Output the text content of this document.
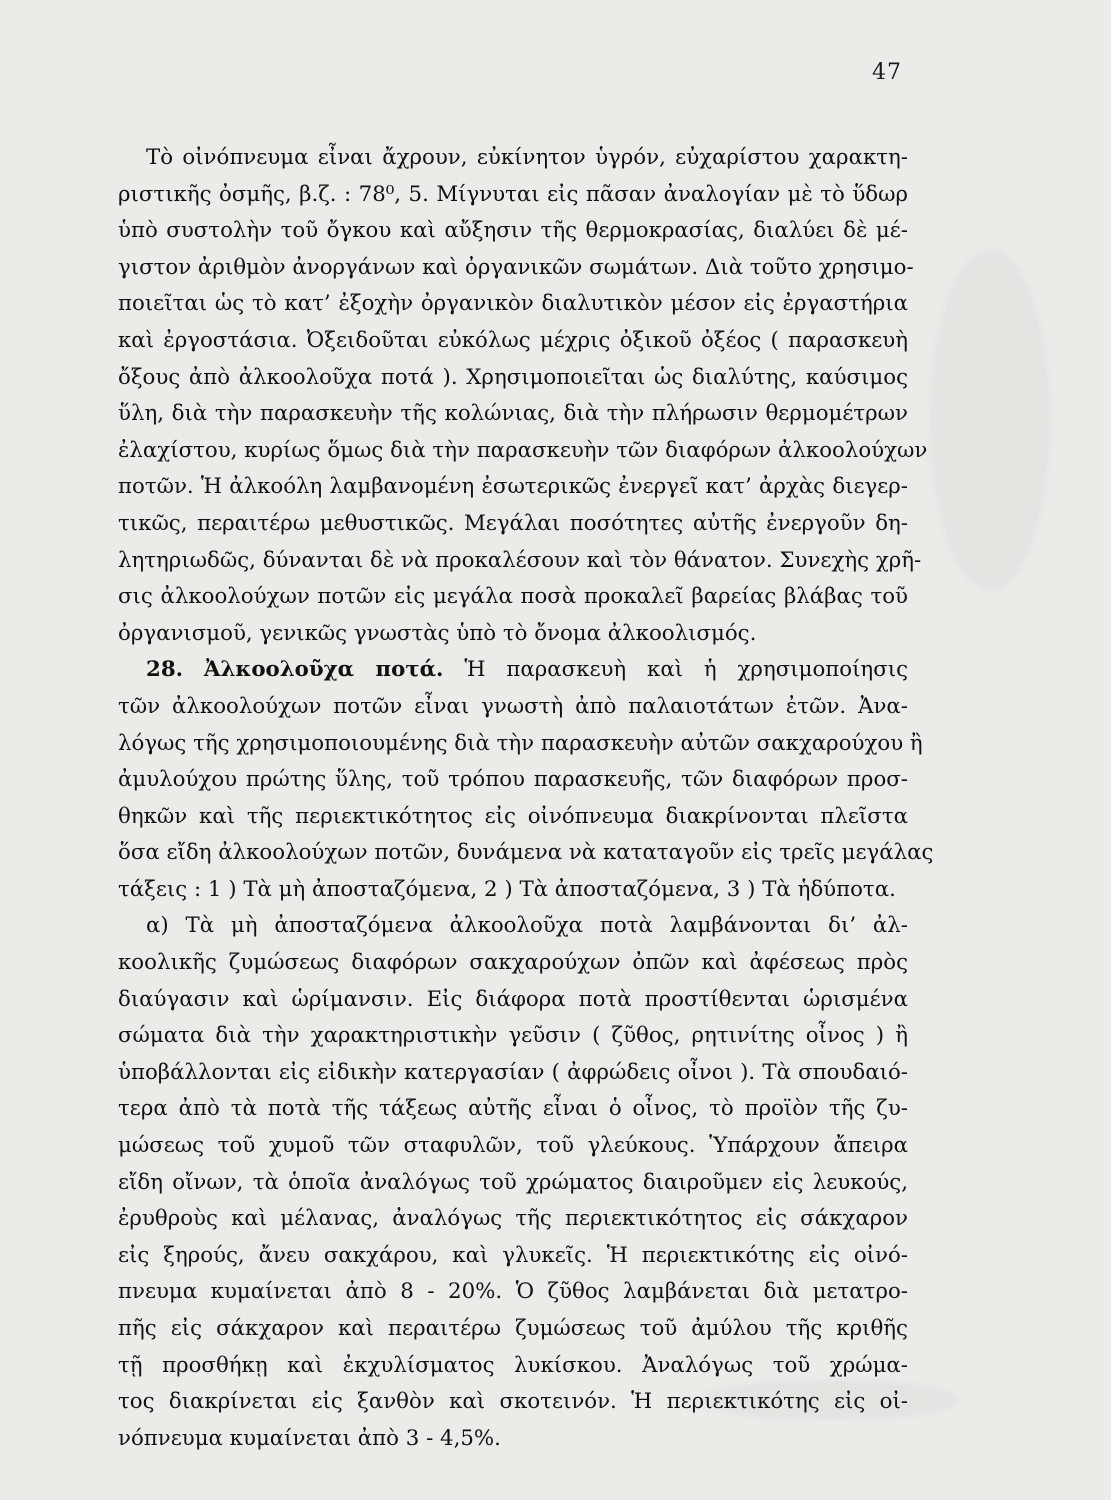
47
Τὸ οἰνόπνευμα εἶναι ἄχρουν, εὐκίνητον ὑγρόν, εὐχαρίστου χαρακτη-
ριστικῆς ὀσμῆς, β.ζ. : 78⁰, 5. Μίγνυται εἰς πᾶσαν ἀναλογίαν μὲ τὸ ὕδωρ
ὑπὸ συστολὴν τοῦ ὄγκου καὶ αὔξησιν τῆς θερμοκρασίας, διαλύει δὲ μέ-
γιστον ἀριθμὸν ἀνοργάνων καὶ ὀργανικῶν σωμάτων. Διὰ τοῦτο χρησιμο-
ποιεῖται ὡς τὸ κατ’ ἐξοχὴν ὀργανικὸν διαλυτικὸν μέσον εἰς ἐργαστήρια
καὶ ἐργοστάσια. Ὀξειδοῦται εὐκόλως μέχρις ὀξικοῦ ὀξέος ( παρασκευὴ
ὄξους ἀπὸ ἀλκοολοῦχα ποτά ). Χρησιμοποιεῖται ὡς διαλύτης, καύσιμος
ὕλη, διὰ τὴν παρασκευὴν τῆς κολώνιας, διὰ τὴν πλήρωσιν θερμομέτρων
ἐλαχίστου, κυρίως ὅμως διὰ τὴν παρασκευὴν τῶν διαφόρων ἀλκοολούχων
ποτῶν. Ἡ ἀλκοόλη λαμβανομένη ἐσωτερικῶς ἐνεργεῖ κατ’ ἀρχὰς διεγερ-
τικῶς, περαιτέρω μεθυστικῶς. Μεγάλαι ποσότητες αὐτῆς ἐνεργοῦν δη-
λητηριωδῶς, δύνανται δὲ νὰ προκαλέσουν καὶ τὸν θάνατον. Συνεχὴς χρῆ-
σις ἀλκοολούχων ποτῶν εἰς μεγάλα ποσὰ προκαλεῖ βαρείας βλάβας τοῦ
ὀργανισμοῦ, γενικῶς γνωστὰς ὑπὸ τὸ ὄνομα ἀλκοολισμός.
28. Ἀλκοολοῦχα ποτά. Ἡ παρασκευὴ καὶ ἡ χρησιμοποίησις
τῶν ἀλκοολούχων ποτῶν εἶναι γνωστὴ ἀπὸ παλαιοτάτων ἐτῶν. Ἀνα-
λόγως τῆς χρησιμοποιουμένης διὰ τὴν παρασκευὴν αὐτῶν σακχαρούχου ἢ
ἀμυλούχου πρώτης ὕλης, τοῦ τρόπου παρασκευῆς, τῶν διαφόρων προσ-
θηκῶν καὶ τῆς περιεκτικότητος εἰς οἰνόπνευμα διακρίνονται πλεῖστα
ὅσα εἴδη ἀλκοολούχων ποτῶν, δυνάμενα νὰ καταταγοῦν εἰς τρεῖς μεγάλας
τάξεις : 1 ) Τὰ μὴ ἀποσταζόμενα, 2 ) Τὰ ἀποσταζόμενα, 3 ) Τὰ ἡδύποτα.
α) Τὰ μὴ ἀποσταζόμενα ἀλκοολοῦχα ποτὰ λαμβάνονται δι’ ἀλ-
κοολικῆς ζυμώσεως διαφόρων σακχαρούχων ὀπῶν καὶ ἀφέσεως πρὸς
διαύγασιν καὶ ὡρίμανσιν. Εἰς διάφορα ποτὰ προστίθενται ὡρισμένα
σώματα διὰ τὴν χαρακτηριστικὴν γεῦσιν ( ζῦθος, ρητινίτης οἶνος ) ἢ
ὑποβάλλονται εἰς εἰδικὴν κατεργασίαν ( ἀφρώδεις οἶνοι ). Τὰ σπουδαιό-
τερα ἀπὸ τὰ ποτὰ τῆς τάξεως αὐτῆς εἶναι ὁ οἶνος, τὸ προϊὸν τῆς ζυ-
μώσεως τοῦ χυμοῦ τῶν σταφυλῶν, τοῦ γλεύκους. Ὑπάρχουν ἄπειρα
εἴδη οἴνων, τὰ ὁποῖα ἀναλόγως τοῦ χρώματος διαιροῦμεν εἰς λευκούς,
ἐρυθροὺς καὶ μέλανας, ἀναλόγως τῆς περιεκτικότητος εἰς σάκχαρον
εἰς ξηρούς, ἄνευ σακχάρου, καὶ γλυκεῖς. Ἡ περιεκτικότης εἰς οἰνό-
πνευμα κυμαίνεται ἀπὸ 8 - 20%. Ὁ ζῦθος λαμβάνεται διὰ μετατρο-
πῆς εἰς σάκχαρον καὶ περαιτέρω ζυμώσεως τοῦ ἀμύλου τῆς κριθῆς
τῇ προσθήκῃ καὶ ἐκχυλίσματος λυκίσκου. Ἀναλόγως τοῦ χρώμα-
τος διακρίνεται εἰς ξανθὸν καὶ σκοτεινόν. Ἡ περιεκτικότης εἰς οἰ-
νόπνευμα κυμαίνεται ἀπὸ 3 - 4,5%.
